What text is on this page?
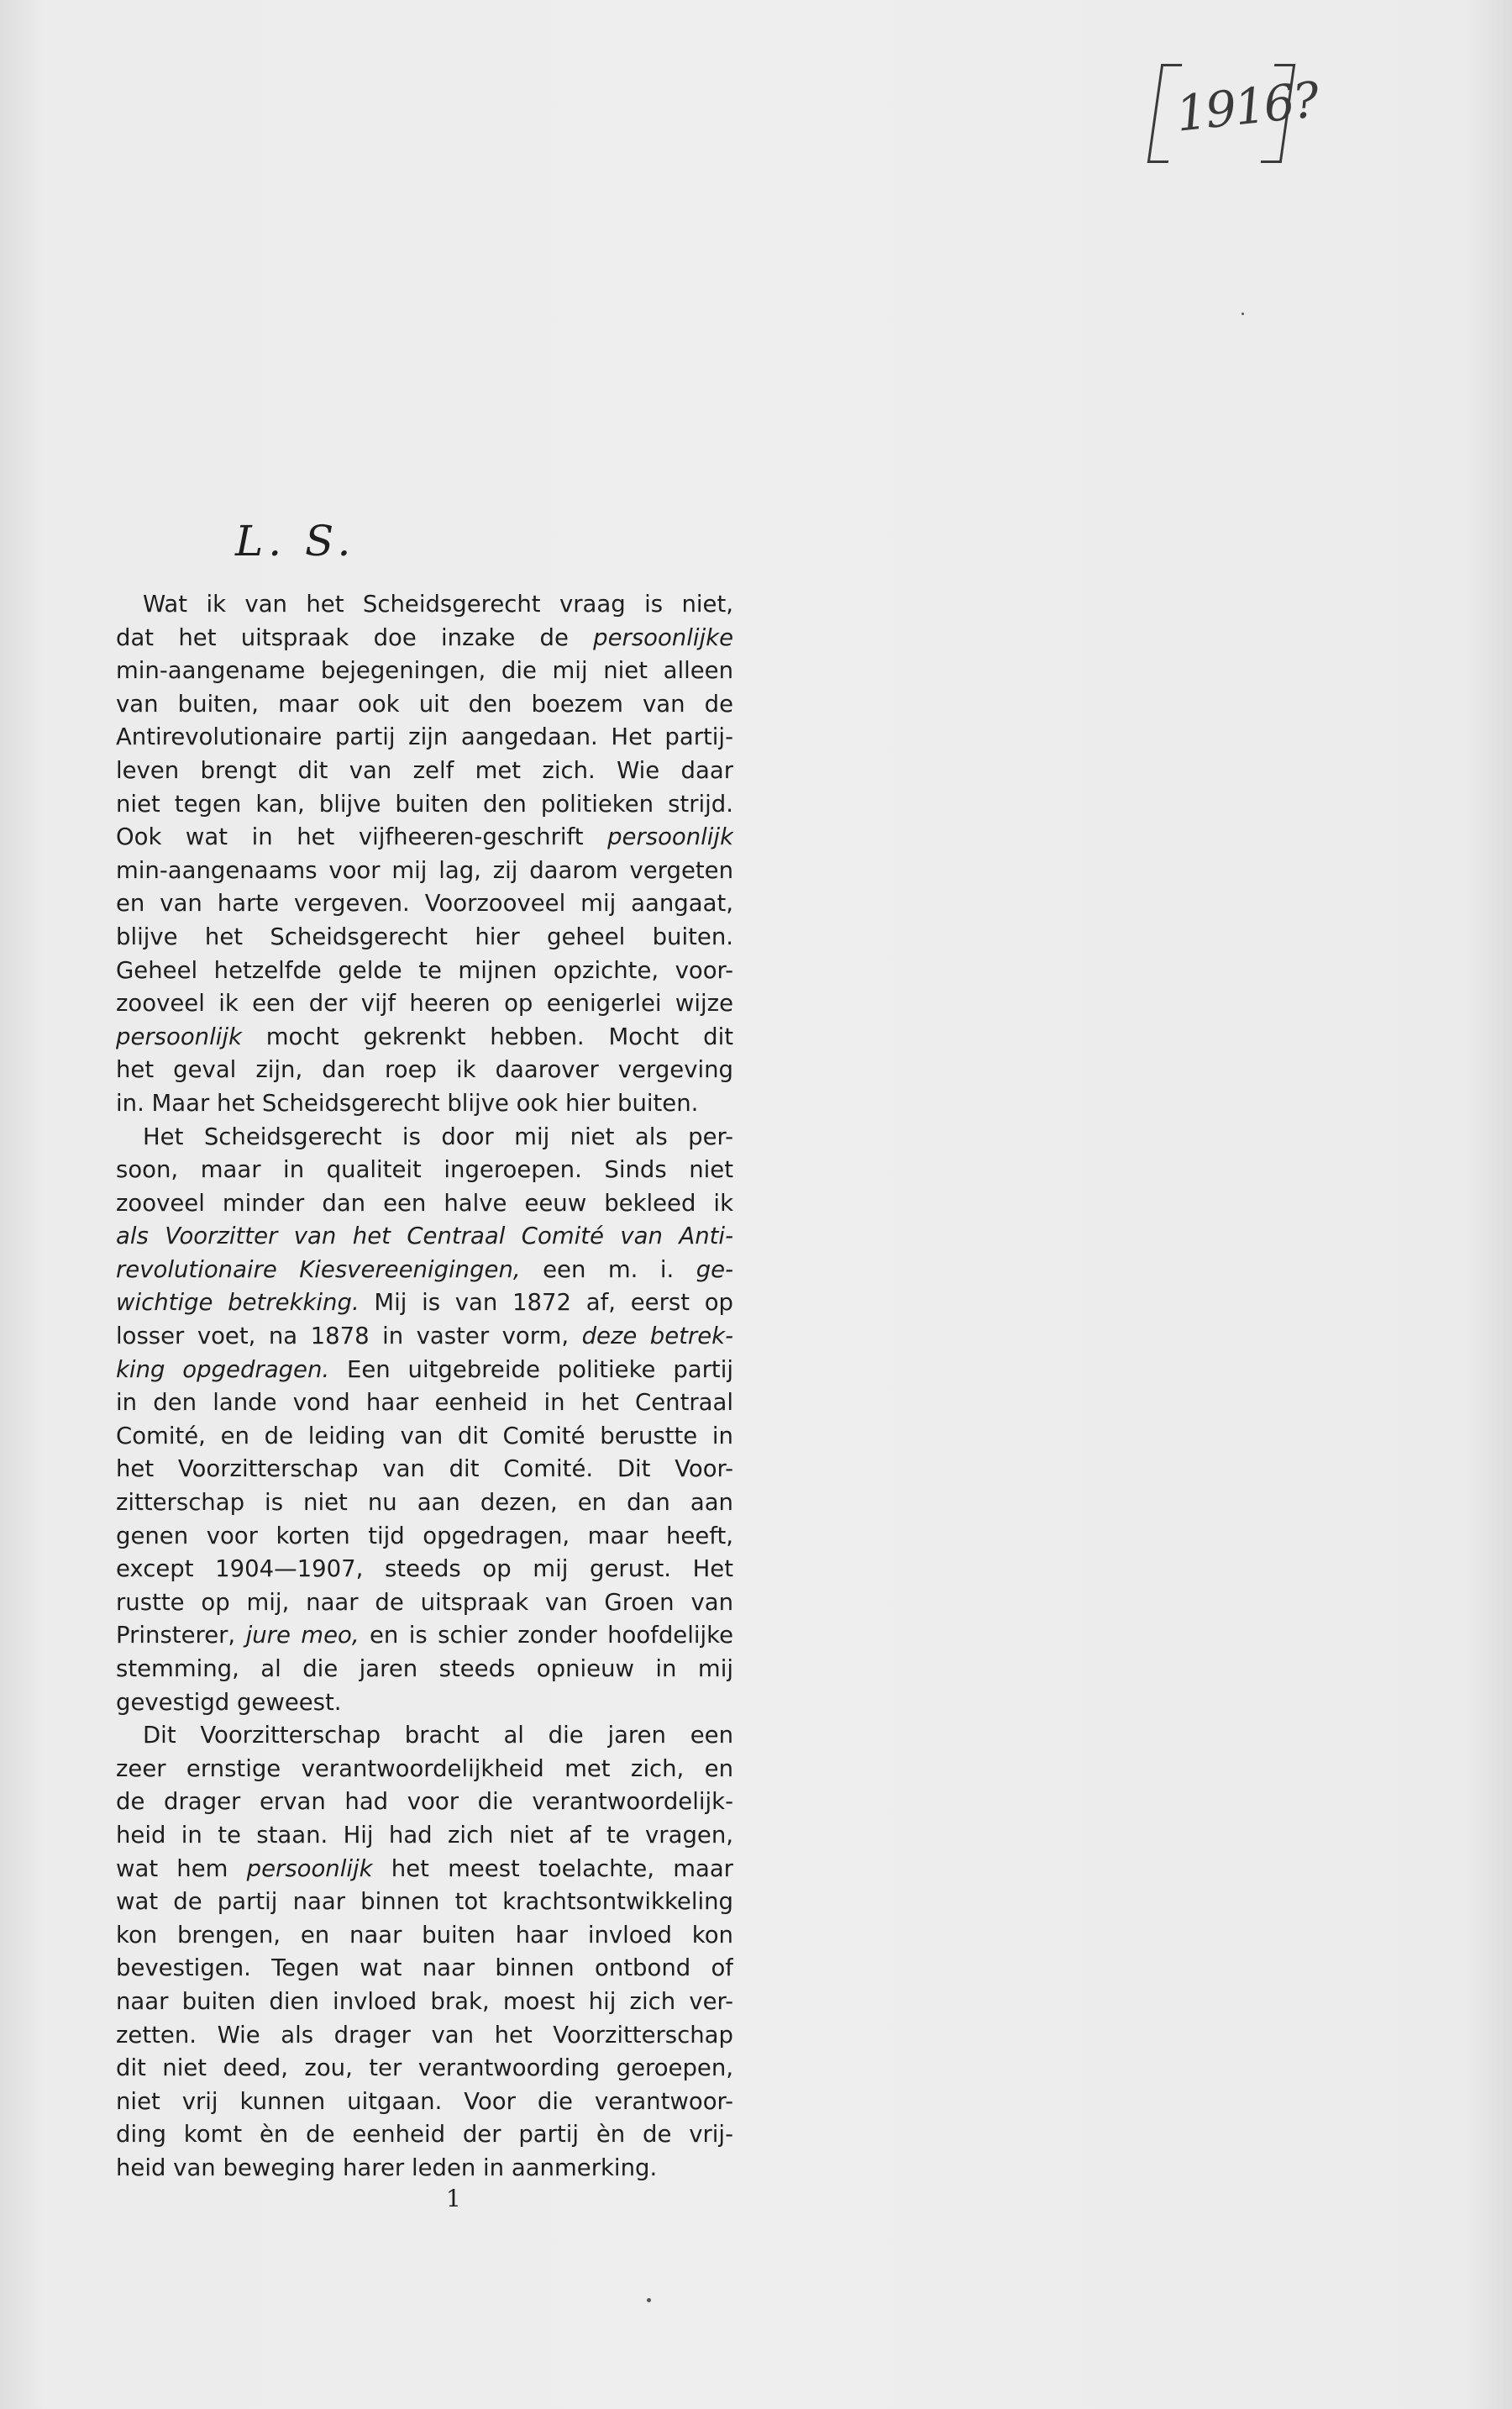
1916?
L. S.

Wat ik van het Scheidsgerecht vraag is niet,
dat het uitspraak doe inzake de persoonlijke
min-aangename bejegeningen, die mij niet alleen
van buiten, maar ook uit den boezem van de
Antirevolutionaire partij zijn aangedaan. Het partij-
leven brengt dit van zelf met zich. Wie daar
niet tegen kan, blijve buiten den politieken strijd.
Ook wat in het vijfheeren-geschrift persoonlijk
min-aangenaams voor mij lag, zij daarom vergeten
en van harte vergeven. Voorzooveel mij aangaat,
blijve het Scheidsgerecht hier geheel buiten.
Geheel hetzelfde gelde te mijnen opzichte, voor-
zooveel ik een der vijf heeren op eenigerlei wijze
persoonlijk mocht gekrenkt hebben. Mocht dit
het geval zijn, dan roep ik daarover vergeving
in. Maar het Scheidsgerecht blijve ook hier buiten.

Het Scheidsgerecht is door mij niet als per-
soon, maar in qualiteit ingeroepen. Sinds niet
zooveel minder dan een halve eeuw bekleed ik
als Voorzitter van het Centraal Comité van Anti-
revolutionaire Kiesvereenigingen, een m. i. ge-
wichtige betrekking. Mij is van 1872 af, eerst op
losser voet, na 1878 in vaster vorm, deze betrek-
king opgedragen. Een uitgebreide politieke partij
in den lande vond haar eenheid in het Centraal
Comité, en de leiding van dit Comité berustte in
het Voorzitterschap van dit Comité. Dit Voor-
zitterschap is niet nu aan dezen, en dan aan
genen voor korten tijd opgedragen, maar heeft,
except 1904—1907, steeds op mij gerust. Het
rustte op mij, naar de uitspraak van Groen van
Prinsterer, jure meo, en is schier zonder hoofdelijke
stemming, al die jaren steeds opnieuw in mij
gevestigd geweest.

Dit Voorzitterschap bracht al die jaren een
zeer ernstige verantwoordelijkheid met zich, en
de drager ervan had voor die verantwoordelijk-
heid in te staan. Hij had zich niet af te vragen,
wat hem persoonlijk het meest toelachte, maar
wat de partij naar binnen tot krachtsontwikkeling
kon brengen, en naar buiten haar invloed kon
bevestigen. Tegen wat naar binnen ontbond of
naar buiten dien invloed brak, moest hij zich ver-
zetten. Wie als drager van het Voorzitterschap
dit niet deed, zou, ter verantwoording geroepen,
niet vrij kunnen uitgaan. Voor die verantwoor-
ding komt èn de eenheid der partij èn de vrij-
heid van beweging harer leden in aanmerking.

1
